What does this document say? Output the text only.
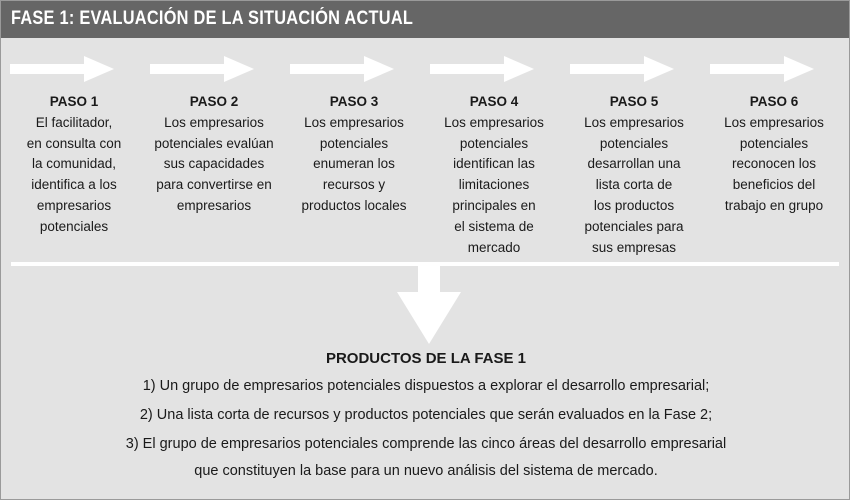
FASE 1: EVALUACIÓN DE LA SITUACIÓN ACTUAL
PASO 1
El facilitador,
en consulta con
la comunidad,
identifica a los
empresarios
potenciales
PASO 2
Los empresarios
potenciales evalúan
sus capacidades
para convertirse en
empresarios
PASO 3
Los empresarios
potenciales
enumeran los
recursos y
productos locales
PASO 4
Los empresarios
potenciales
identifican las
limitaciones
principales en
el sistema de
mercado
PASO 5
Los empresarios
potenciales
desarrollan una
lista corta de
los productos
potenciales para
sus empresas
PASO 6
Los empresarios
potenciales
reconocen los
beneficios del
trabajo en grupo
PRODUCTOS DE LA FASE 1
1) Un grupo de empresarios potenciales dispuestos a explorar el desarrollo empresarial;
2) Una lista corta de recursos y productos potenciales que serán evaluados en la Fase 2;
3) El grupo de empresarios potenciales comprende las cinco áreas del desarrollo empresarial
que constituyen la base para un nuevo análisis del sistema de mercado.
